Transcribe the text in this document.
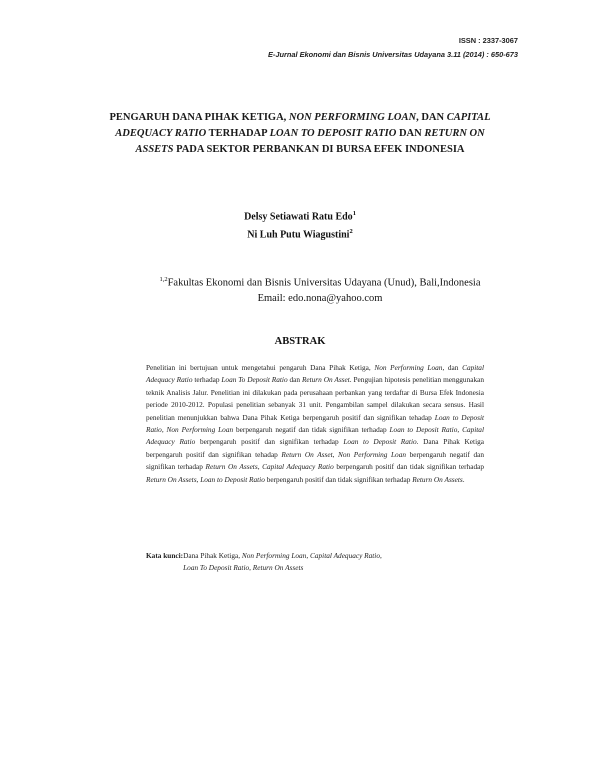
ISSN : 2337-3067
E-Jurnal Ekonomi dan Bisnis Universitas Udayana 3.11 (2014) : 650-673
PENGARUH DANA PIHAK KETIGA, NON PERFORMING LOAN, DAN CAPITAL ADEQUACY RATIO TERHADAP LOAN TO DEPOSIT RATIO DAN RETURN ON ASSETS PADA SEKTOR PERBANKAN DI BURSA EFEK INDONESIA
Delsy Setiawati Ratu Edo$^1$
Ni Luh Putu Wiagustini$^2$
$^{1,2}$Fakultas Ekonomi dan Bisnis Universitas Udayana (Unud), Bali,Indonesia
Email: edo.nona@yahoo.com
ABSTRAK
Penelitian ini bertujuan untuk mengetahui pengaruh Dana Pihak Ketiga, Non Performing Loan, dan Capital Adequacy Ratio terhadap Loan To Deposit Ratio dan Return On Asset. Pengujian hipotesis penelitian menggunakan teknik Analisis Jalur. Penelitian ini dilakukan pada perusahaan perbankan yang terdaftar di Bursa Efek Indonesia periode 2010-2012. Populasi penelitian sebanyak 31 unit. Pengambilan sampel dilakukan secara sensus. Hasil penelitian menunjukkan bahwa Dana Pihak Ketiga berpengaruh positif dan signifikan tehadap Loan to Deposit Ratio, Non Performing Loan berpengaruh negatif dan tidak signifikan terhadap Loan to Deposit Ratio, Capital Adequacy Ratio berpengaruh positif dan signifikan terhadap Loan to Deposit Ratio. Dana Pihak Ketiga berpengaruh positif dan signifikan tehadap Return On Asset, Non Performing Loan berpengaruh negatif dan signifikan terhadap Return On Assets, Capital Adequacy Ratio berpengaruh positif dan tidak signifikan terhadap Return On Assets, Loan to Deposit Ratio berpengaruh positif dan tidak signifikan terhadap Return On Assets.
Kata kunci: Dana Pihak Ketiga, Non Performing Loan, Capital Adequacy Ratio,
Loan To Deposit Ratio, Return On Assets
